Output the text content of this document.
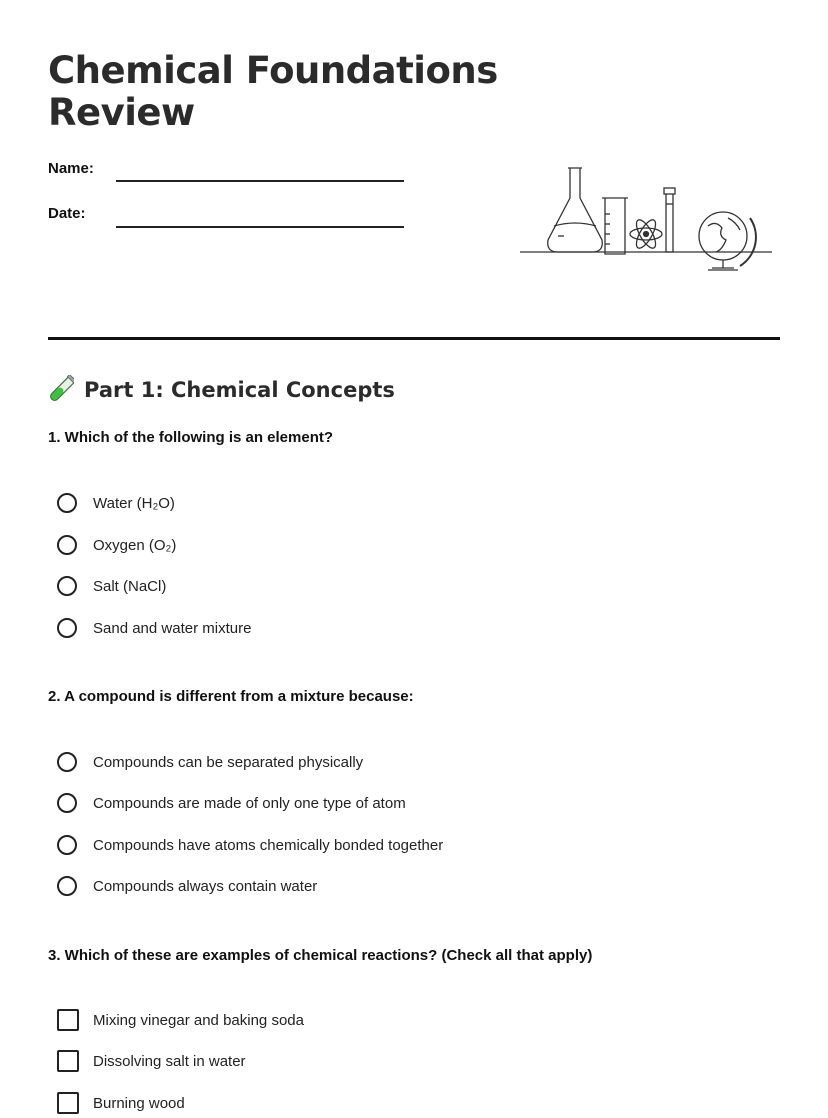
Chemical Foundations Review
Name:
Date:
Part 1: Chemical Concepts
1. Which of the following is an element?
Water (H₂O)
Oxygen (O₂)
Salt (NaCl)
Sand and water mixture
2. A compound is different from a mixture because:
Compounds can be separated physically
Compounds are made of only one type of atom
Compounds have atoms chemically bonded together
Compounds always contain water
3. Which of these are examples of chemical reactions? (Check all that apply)
Mixing vinegar and baking soda
Dissolving salt in water
Burning wood
